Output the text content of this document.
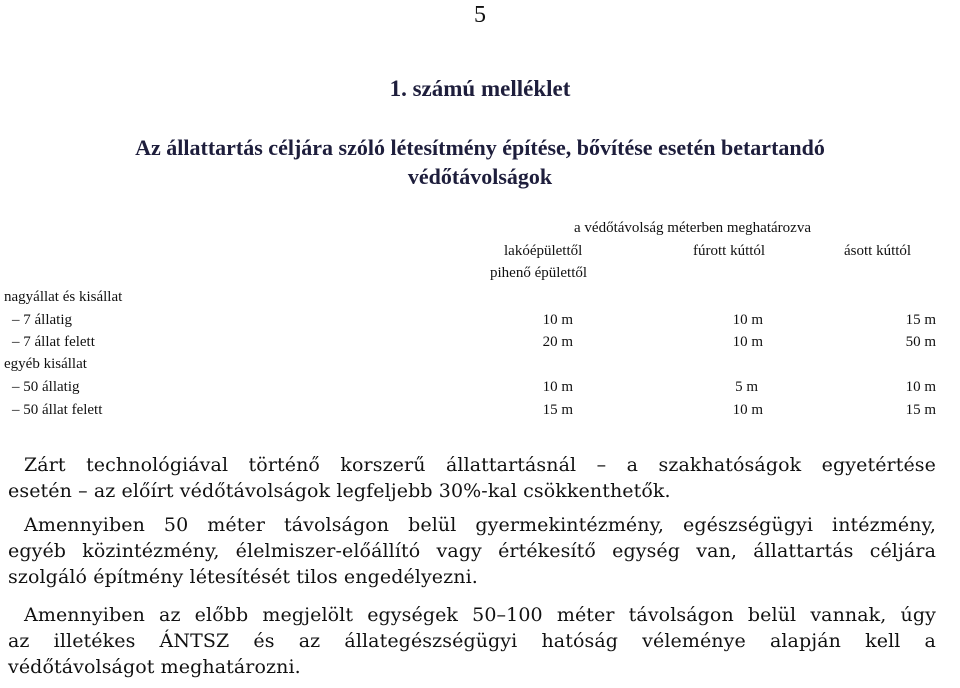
5
1. számú melléklet
Az állattartás céljára szóló létesítmény építése, bővítése esetén betartandó
védőtávolságok
a védőtávolság méterben meghatározva
lakóépülettől	fúrott kúttól	ásott kúttól
pihenő épülettől
nagyállat és kisállat
– 7 állatig	10 m	10 m	15 m
– 7 állat felett	20 m	10 m	50 m
egyéb kisállat
– 50 állatig	10 m	5 m	10 m
– 50 állat felett	15 m	10 m	15 m
Zárt technológiával történő korszerű állattartásnál – a szakhatóságok egyetértése
esetén – az előírt védőtávolságok legfeljebb 30%-kal csökkenthetők.
Amennyiben 50 méter távolságon belül gyermekintézmény, egészségügyi intézmény,
egyéb közintézmény, élelmiszer-előállító vagy értékesítő egység van, állattartás céljára
szolgáló építmény létesítését tilos engedélyezni.
Amennyiben az előbb megjelölt egységek 50–100 méter távolságon belül vannak, úgy
az illetékes ÁNTSZ és az állategészségügyi hatóság véleménye alapján kell a
védőtávolságot meghatározni.
